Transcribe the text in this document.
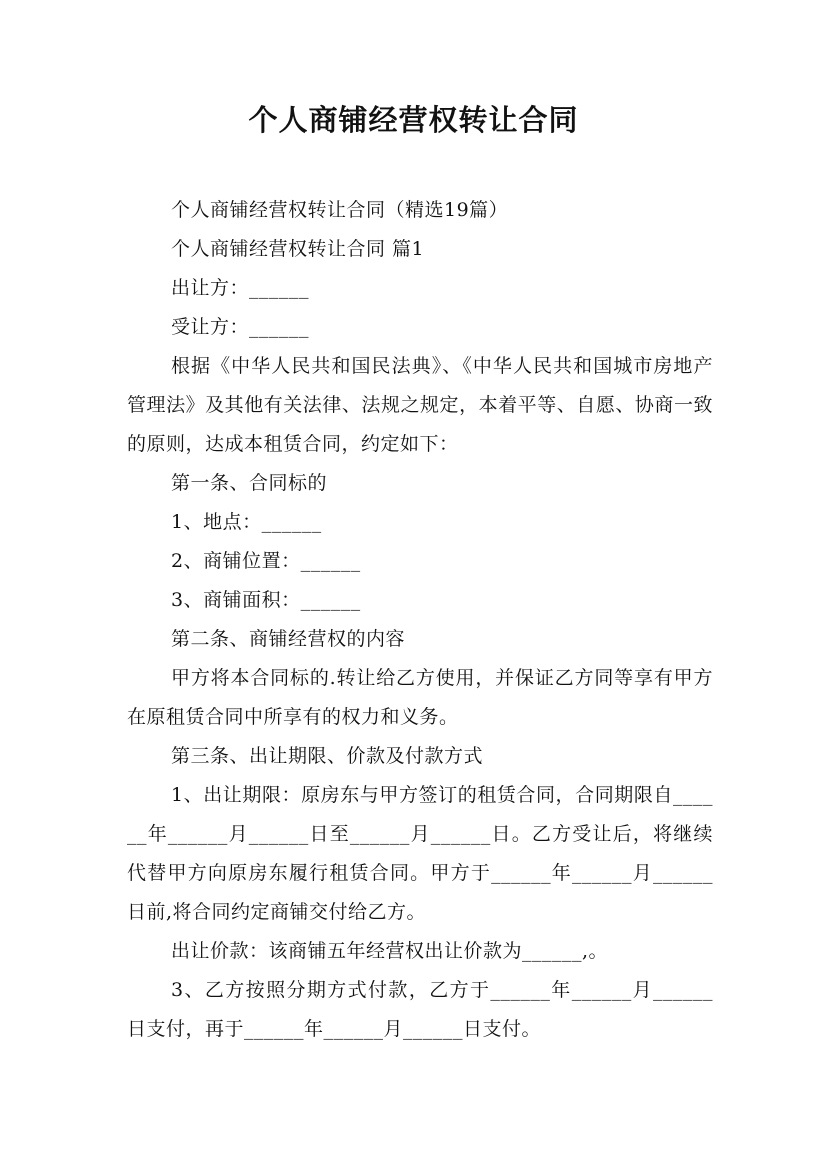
个人商铺经营权转让合同

个人商铺经营权转让合同（精选19篇）

个人商铺经营权转让合同 篇1

出让方：______

受让方：______

根据《中华人民共和国民法典》、《中华人民共和国城市房地产管理法》及其他有关法律、法规之规定，本着平等、自愿、协商一致的原则，达成本租赁合同，约定如下：

第一条、合同标的

1、地点：______

2、商铺位置：______

3、商铺面积：______

第二条、商铺经营权的内容

甲方将本合同标的.转让给乙方使用，并保证乙方同等享有甲方在原租赁合同中所享有的权力和义务。

第三条、出让期限、价款及付款方式

1、出让期限：原房东与甲方签订的租赁合同，合同期限自______年______月______日至______月______日。乙方受让后，将继续代替甲方向原房东履行租赁合同。甲方于______年______月______日前,将合同约定商铺交付给乙方。

出让价款：该商铺五年经营权出让价款为______,。

3、乙方按照分期方式付款，乙方于______年______月______日支付，再于______年______月______日支付。
